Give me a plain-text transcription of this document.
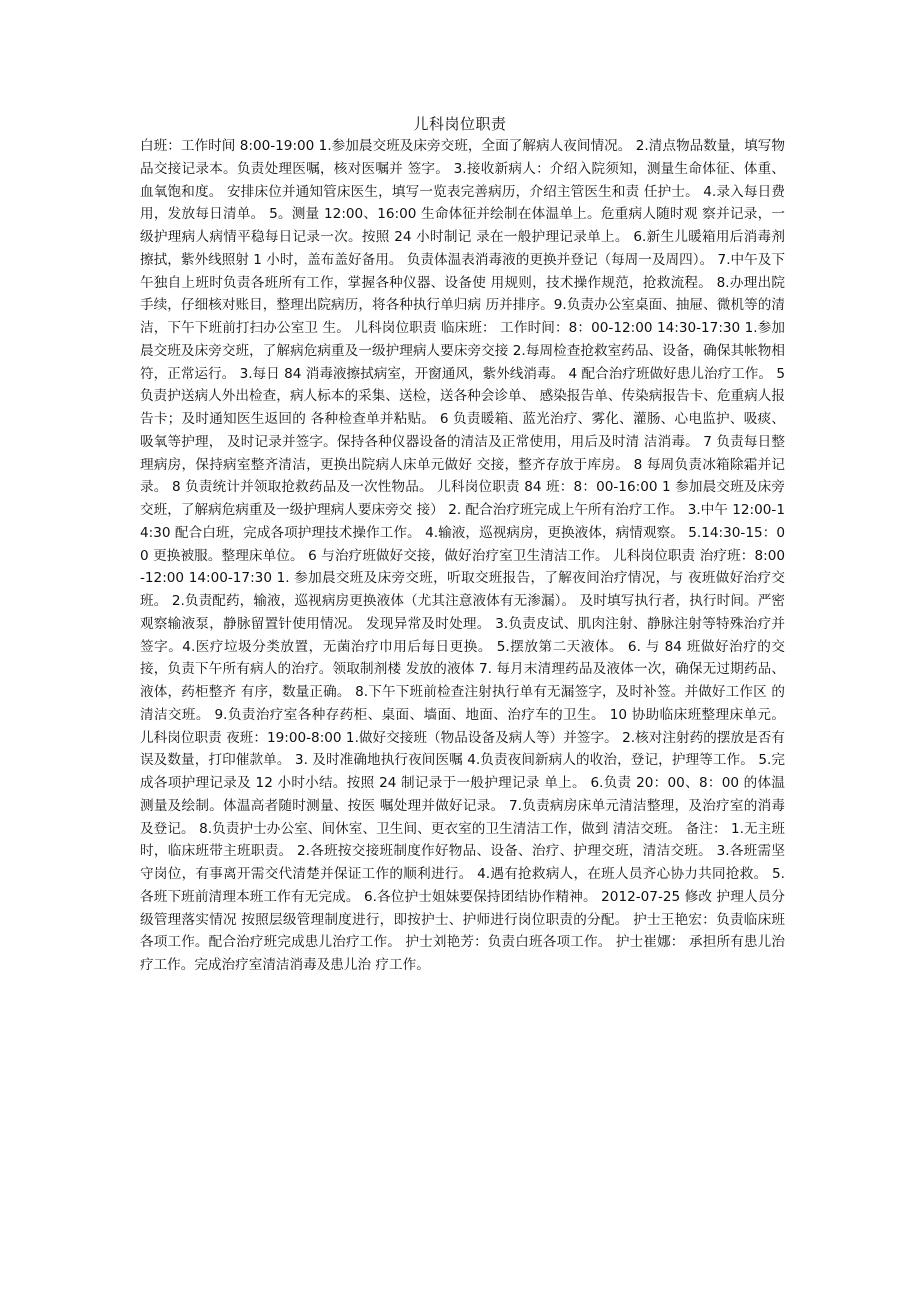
儿科岗位职责

白班：工作时间 8:00-19:00 1.参加晨交班及床旁交班，全面了解病人夜间情况。 2.清点物品数量，填写物品交接记录本。负责处理医嘱，核对医嘱并 签字。 3.接收新病人：介绍入院须知，测量生命体征、体重、血氧饱和度。 安排床位并通知管床医生，填写一览表完善病历，介绍主管医生和责 任护士。 4.录入每日费用，发放每日清单。 5。测量 12:00、16:00 生命体征并绘制在体温单上。危重病人随时观 察并记录，一级护理病人病情平稳每日记录一次。按照 24 小时制记 录在一般护理记录单上。 6.新生儿暖箱用后消毒剂擦拭，紫外线照射 1 小时，盖布盖好备用。 负责体温表消毒液的更换并登记（每周一及周四）。 7.中午及下午独自上班时负责各班所有工作，掌握各种仪器、设备使 用规则，技术操作规范，抢救流程。 8.办理出院手续，仔细核对账目，整理出院病历，将各种执行单归病 历并排序。9.负责办公室桌面、抽屉、微机等的清洁，下午下班前打扫办公室卫 生。 儿科岗位职责 临床班： 工作时间：8：00-12:00 14:30-17:30 1.参加晨交班及床旁交班，了解病危病重及一级护理病人要床旁交接 2.每周检查抢救室药品、设备，确保其帐物相符，正常运行。 3.每日 84 消毒液擦拭病室，开窗通风，紫外线消毒。 4 配合治疗班做好患儿治疗工作。 5 负责护送病人外出检查，病人标本的采集、送检，送各种会诊单、 感染报告单、传染病报告卡、危重病人报告卡；及时通知医生返回的 各种检查单并粘贴。 6 负责暖箱、蓝光治疗、雾化、灌肠、心电监护、吸痰、吸氧等护理， 及时记录并签字。保持各种仪器设备的清洁及正常使用，用后及时清 洁消毒。 7 负责每日整理病房，保持病室整齐清洁，更换出院病人床单元做好 交接，整齐存放于库房。 8 每周负责冰箱除霜并记录。 8 负责统计并领取抢救药品及一次性物品。 儿科岗位职责 84 班：8：00-16:00 1 参加晨交班及床旁交班，了解病危病重及一级护理病人要床旁交 接） 2. 配合治疗班完成上午所有治疗工作。 3.中午 12:00-14:30 配合白班，完成各项护理技术操作工作。 4.输液，巡视病房，更换液体，病情观察。 5.14:30-15：00 更换被服。整理床单位。 6 与治疗班做好交接，做好治疗室卫生清洁工作。 儿科岗位职责 治疗班：8:00-12:00 14:00-17:30 1. 参加晨交班及床旁交班，听取交班报告，了解夜间治疗情况，与 夜班做好治疗交班。 2.负责配药，输液，巡视病房更换液体（尤其注意液体有无渗漏）。 及时填写执行者，执行时间。严密观察输液泵，静脉留置针使用情况。 发现异常及时处理。 3.负责皮试、肌肉注射、静脉注射等特殊治疗并签字。4.医疗垃圾分类放置，无菌治疗巾用后每日更换。 5.摆放第二天液体。 6. 与 84 班做好治疗的交接，负责下午所有病人的治疗。领取制剂楼 发放的液体 7. 每月末清理药品及液体一次，确保无过期药品、液体，药柜整齐 有序，数量正确。 8.下午下班前检查注射执行单有无漏签字，及时补签。并做好工作区 的清洁交班。 9.负责治疗室各种存药柜、桌面、墙面、地面、治疗车的卫生。 10 协助临床班整理床单元。 儿科岗位职责 夜班：19:00-8:00 1.做好交接班（物品设备及病人等）并签字。 2.核对注射药的摆放是否有误及数量，打印催款单。 3. 及时准确地执行夜间医嘱 4.负责夜间新病人的收治，登记，护理等工作。 5.完成各项护理记录及 12 小时小结。按照 24 制记录于一般护理记录 单上。 6.负责 20：00、8：00 的体温测量及绘制。体温高者随时测量、按医 嘱处理并做好记录。 7.负责病房床单元清洁整理，及治疗室的消毒及登记。 8.负责护士办公室、间休室、卫生间、更衣室的卫生清洁工作，做到 清洁交班。 备注： 1.无主班时，临床班带主班职责。 2.各班按交接班制度作好物品、设备、治疗、护理交班，清洁交班。 3.各班需坚守岗位，有事离开需交代清楚并保证工作的顺利进行。 4.遇有抢救病人，在班人员齐心协力共同抢救。 5.各班下班前清理本班工作有无完成。 6.各位护士姐妹要保持团结协作精神。 2012-07-25 修改 护理人员分级管理落实情况 按照层级管理制度进行，即按护士、护师进行岗位职责的分配。 护士王艳宏：负责临床班各项工作。配合治疗班完成患儿治疗工作。 护士刘艳芳：负责白班各项工作。 护士崔娜： 承担所有患儿治疗工作。完成治疗室清洁消毒及患儿治 疗工作。
